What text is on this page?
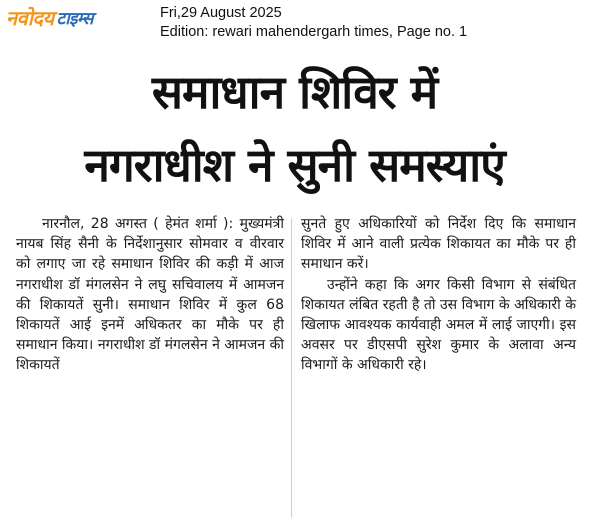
नवोदय टाइम्स	Fri,29 August 2025
Edition: rewari mahendergarh times, Page no. 1
समाधान शिविर में
नगराधीश ने सुनी समस्याएं

नारनौल, 28 अगस्त ( हेमंत शर्मा ): मुख्यमंत्री नायब सिंह सैनी के निर्देशानुसार सोमवार व वीरवार को लगाए जा रहे समाधान शिविर की कड़ी में आज नगराधीश डॉ मंगलसेन ने लघु सचिवालय में आमजन की शिकायतें सुनी। समाधान शिविर में कुल 68 शिकायतें आई इनमें अधिकतर का मौके पर ही समाधान किया। नगराधीश डॉ मंगलसेन ने आमजन की शिकायतें

सुनते हुए अधिकारियों को निर्देश दिए कि समाधान शिविर में आने वाली प्रत्येक शिकायत का मौके पर ही समाधान करें।

उन्होंने कहा कि अगर किसी विभाग से संबंधित शिकायत लंबित रहती है तो उस विभाग के अधिकारी के खिलाफ आवश्यक कार्यवाही अमल में लाई जाएगी। इस अवसर पर डीएसपी सुरेश कुमार के अलावा अन्य विभागों के अधिकारी रहे।
